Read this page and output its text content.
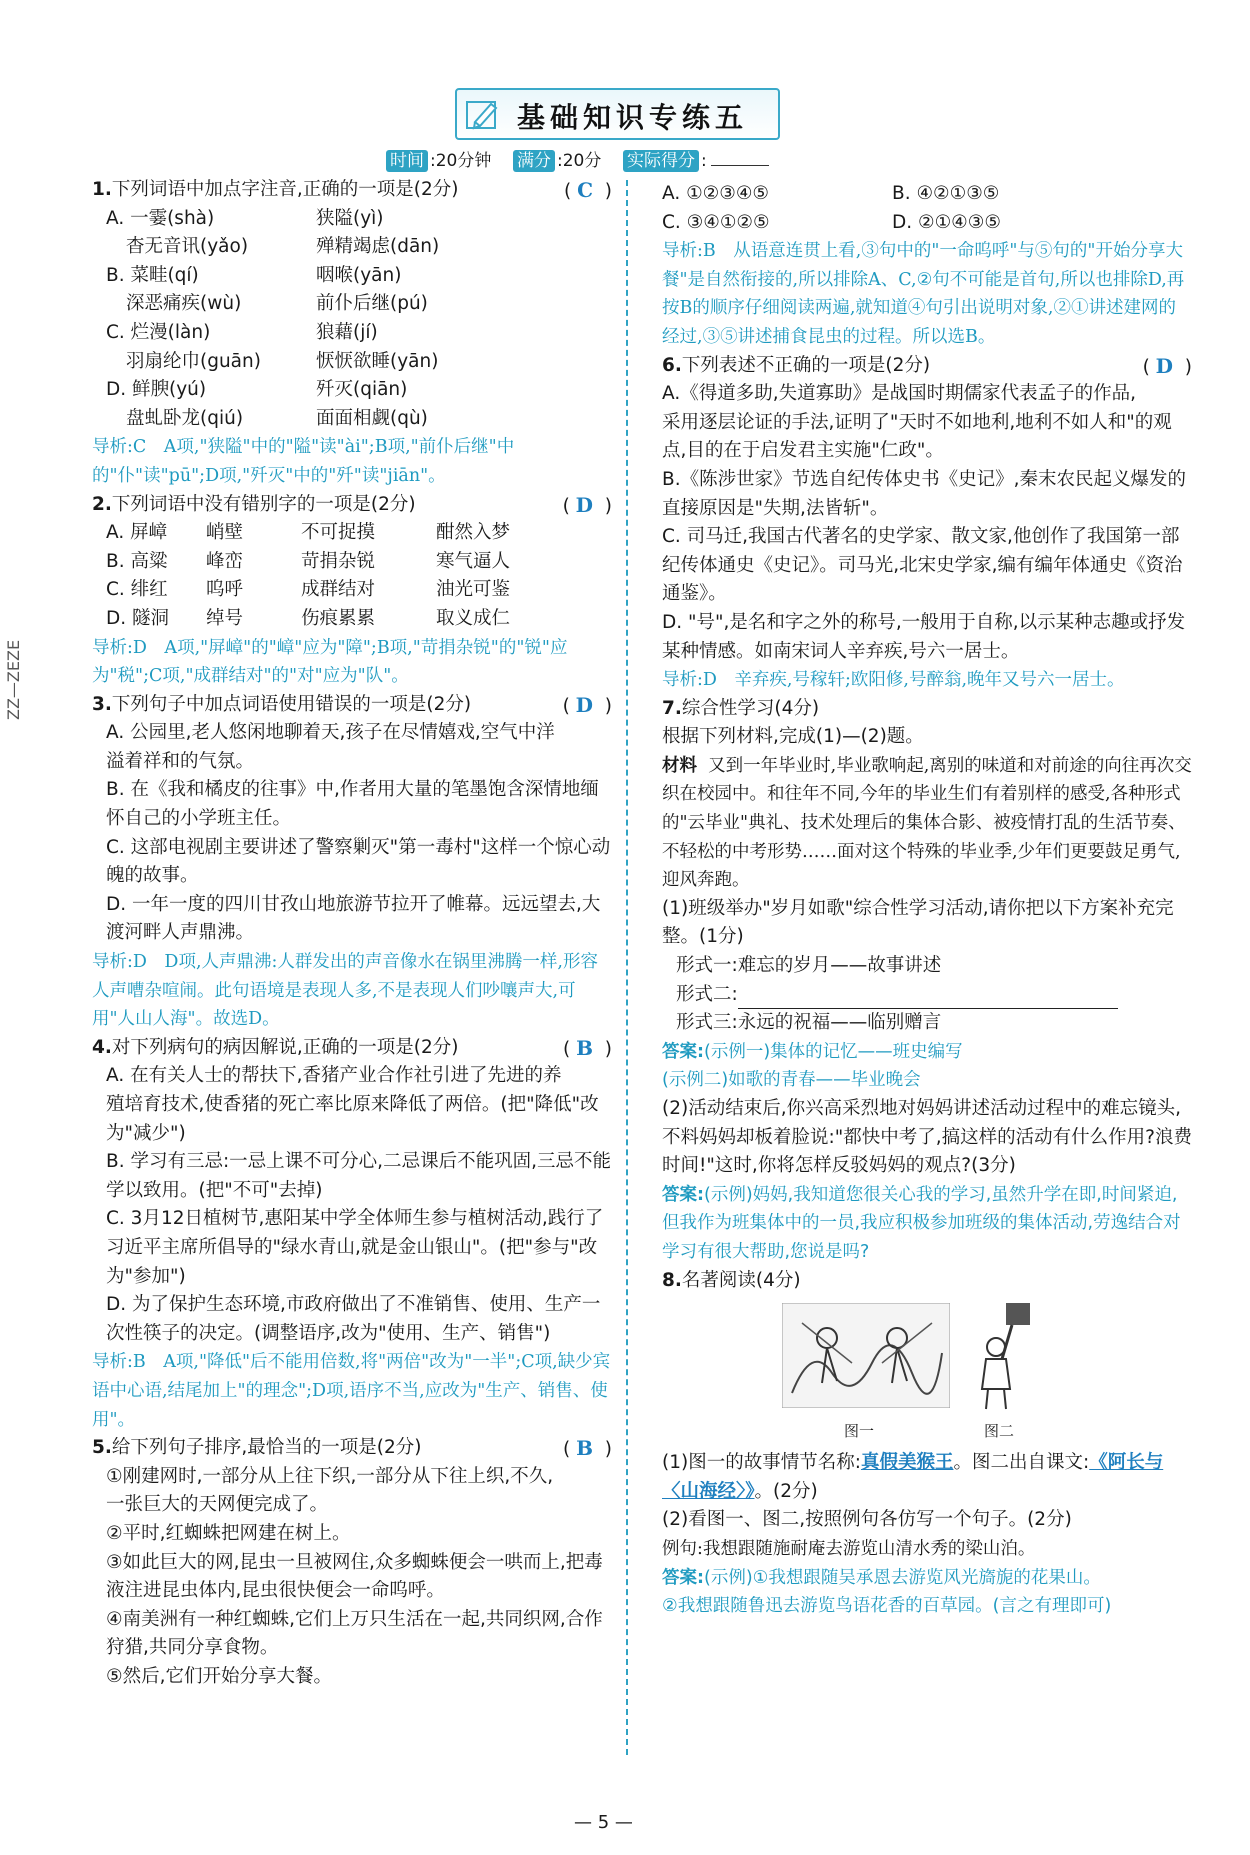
基础知识专练五
时间 :20分钟 满分 :20分 实际得分 :
1.下列词语中加点字注音,正确的一项是(2分)	( C )
A. 一霎(shà)	狭隘(yì)
杳无音讯(yǎo)	殚精竭虑(dān)
B. 菜畦(qí)	咽喉(yān)
深恶痛疾(wù)	前仆后继(pú)
C. 烂漫(làn)	狼藉(jí)
羽扇纶巾(guān)	恹恹欲睡(yān)
D. 鲜腴(yú)	歼灭(qiān)
盘虬卧龙(qiú)	面面相觑(qù)
导析:C　A项,"狭隘"中的"隘"读"ài";B项,"前仆后继"中的"仆"读"pū";D项,"歼灭"中的"歼"读"jiān"。
2.下列词语中没有错别字的一项是(2分)	( D )
A. 屏嶂	峭壁	不可捉摸	酣然入梦
B. 高粱	峰峦	苛捐杂锐	寒气逼人
C. 绯红	呜呼	成群结对	油光可鉴
D. 隧洞	绰号	伤痕累累	取义成仁
导析:D　A项,"屏嶂"的"嶂"应为"障";B项,"苛捐杂锐"的"锐"应为"税";C项,"成群结对"的"对"应为"队"。
3.下列句子中加点词语使用错误的一项是(2分)	( D )
A. 公园里,老人悠闲地聊着天,孩子在尽情嬉戏,空气中洋溢着祥和的气氛。
B. 在《我和橘皮的往事》中,作者用大量的笔墨饱含深情地缅怀自己的小学班主任。
C. 这部电视剧主要讲述了警察剿灭"第一毒村"这样一个惊心动魄的故事。
D. 一年一度的四川甘孜山地旅游节拉开了帷幕。远远望去,大渡河畔人声鼎沸。
导析:D　D项,人声鼎沸:人群发出的声音像水在锅里沸腾一样,形容人声嘈杂喧闹。此句语境是表现人多,不是表现人们吵嚷声大,可用"人山人海"。故选D。
4.对下列病句的病因解说,正确的一项是(2分)	( B )
A. 在有关人士的帮扶下,香猪产业合作社引进了先进的养殖培育技术,使香猪的死亡率比原来降低了两倍。(把"降低"改为"减少")
B. 学习有三忌:一忌上课不可分心,二忌课后不能巩固,三忌不能学以致用。(把"不可"去掉)
C. 3月12日植树节,惠阳某中学全体师生参与植树活动,践行了习近平主席所倡导的"绿水青山,就是金山银山"。(把"参与"改为"参加")
D. 为了保护生态环境,市政府做出了不准销售、使用、生产一次性筷子的决定。(调整语序,改为"使用、生产、销售")
导析:B　A项,"降低"后不能用倍数,将"两倍"改为"一半";C项,缺少宾语中心语,结尾加上"的理念";D项,语序不当,应改为"生产、销售、使用"。
5.给下列句子排序,最恰当的一项是(2分)	( B )
①刚建网时,一部分从上往下织,一部分从下往上织,不久,一张巨大的天网便完成了。
②平时,红蜘蛛把网建在树上。
③如此巨大的网,昆虫一旦被网住,众多蜘蛛便会一哄而上,把毒液注进昆虫体内,昆虫很快便会一命呜呼。
④南美洲有一种红蜘蛛,它们上万只生活在一起,共同织网,合作狩猎,共同分享食物。
⑤然后,它们开始分享大餐。
A. ①②③④⑤	B. ④②①③⑤
C. ③④①②⑤	D. ②①④③⑤
导析:B　从语意连贯上看,③句中的"一命呜呼"与⑤句的"开始分享大餐"是自然衔接的,所以排除A、C,②句不可能是首句,所以也排除D,再按B的顺序仔细阅读两遍,就知道④句引出说明对象,②①讲述建网的经过,③⑤讲述捕食昆虫的过程。所以选B。
6.下列表述不正确的一项是(2分)	( D )
A.《得道多助,失道寡助》是战国时期儒家代表孟子的作品,采用逐层论证的手法,证明了"天时不如地利,地利不如人和"的观点,目的在于启发君主实施"仁政"。
B.《陈涉世家》节选自纪传体史书《史记》,秦末农民起义爆发的直接原因是"失期,法皆斩"。
C. 司马迁,我国古代著名的史学家、散文家,他创作了我国第一部纪传体通史《史记》。司马光,北宋史学家,编有编年体通史《资治通鉴》。
D. "号",是名和字之外的称号,一般用于自称,以示某种志趣或抒发某种情感。如南宋词人辛弃疾,号六一居士。
导析:D　辛弃疾,号稼轩;欧阳修,号醉翁,晚年又号六一居士。
7.综合性学习(4分)
根据下列材料,完成(1)—(2)题。
材料 又到一年毕业时,毕业歌响起,离别的味道和对前途的向往再次交织在校园中。和往年不同,今年的毕业生们有着别样的感受,各种形式的"云毕业"典礼、技术处理后的集体合影、被疫情打乱的生活节奏、不轻松的中考形势……面对这个特殊的毕业季,少年们更要鼓足勇气,迎风奔跑。
(1)班级举办"岁月如歌"综合性学习活动,请你把以下方案补充完整。(1分)
形式一:难忘的岁月——故事讲述
形式二:
形式三:永远的祝福——临别赠言
答案:(示例一)集体的记忆——班史编写
(示例二)如歌的青春——毕业晚会
(2)活动结束后,你兴高采烈地对妈妈讲述活动过程中的难忘镜头,不料妈妈却板着脸说:"都快中考了,搞这样的活动有什么作用?浪费时间!"这时,你将怎样反驳妈妈的观点?(3分)
答案:(示例)妈妈,我知道您很关心我的学习,虽然升学在即,时间紧迫,但我作为班集体中的一员,我应积极参加班级的集体活动,劳逸结合对学习有很大帮助,您说是吗?
8.名著阅读(4分)
图一	图二
(1)图一的故事情节名称:真假美猴王。图二出自课文:《阿长与〈山海经〉》。(2分)
(2)看图一、图二,按照例句各仿写一个句子。(2分)
例句:我想跟随施耐庵去游览山清水秀的梁山泊。
答案:(示例)①我想跟随吴承恩去游览风光旖旎的花果山。
②我想跟随鲁迅去游览鸟语花香的百草园。(言之有理即可)
ZZ—ZEZE
— 5 —
